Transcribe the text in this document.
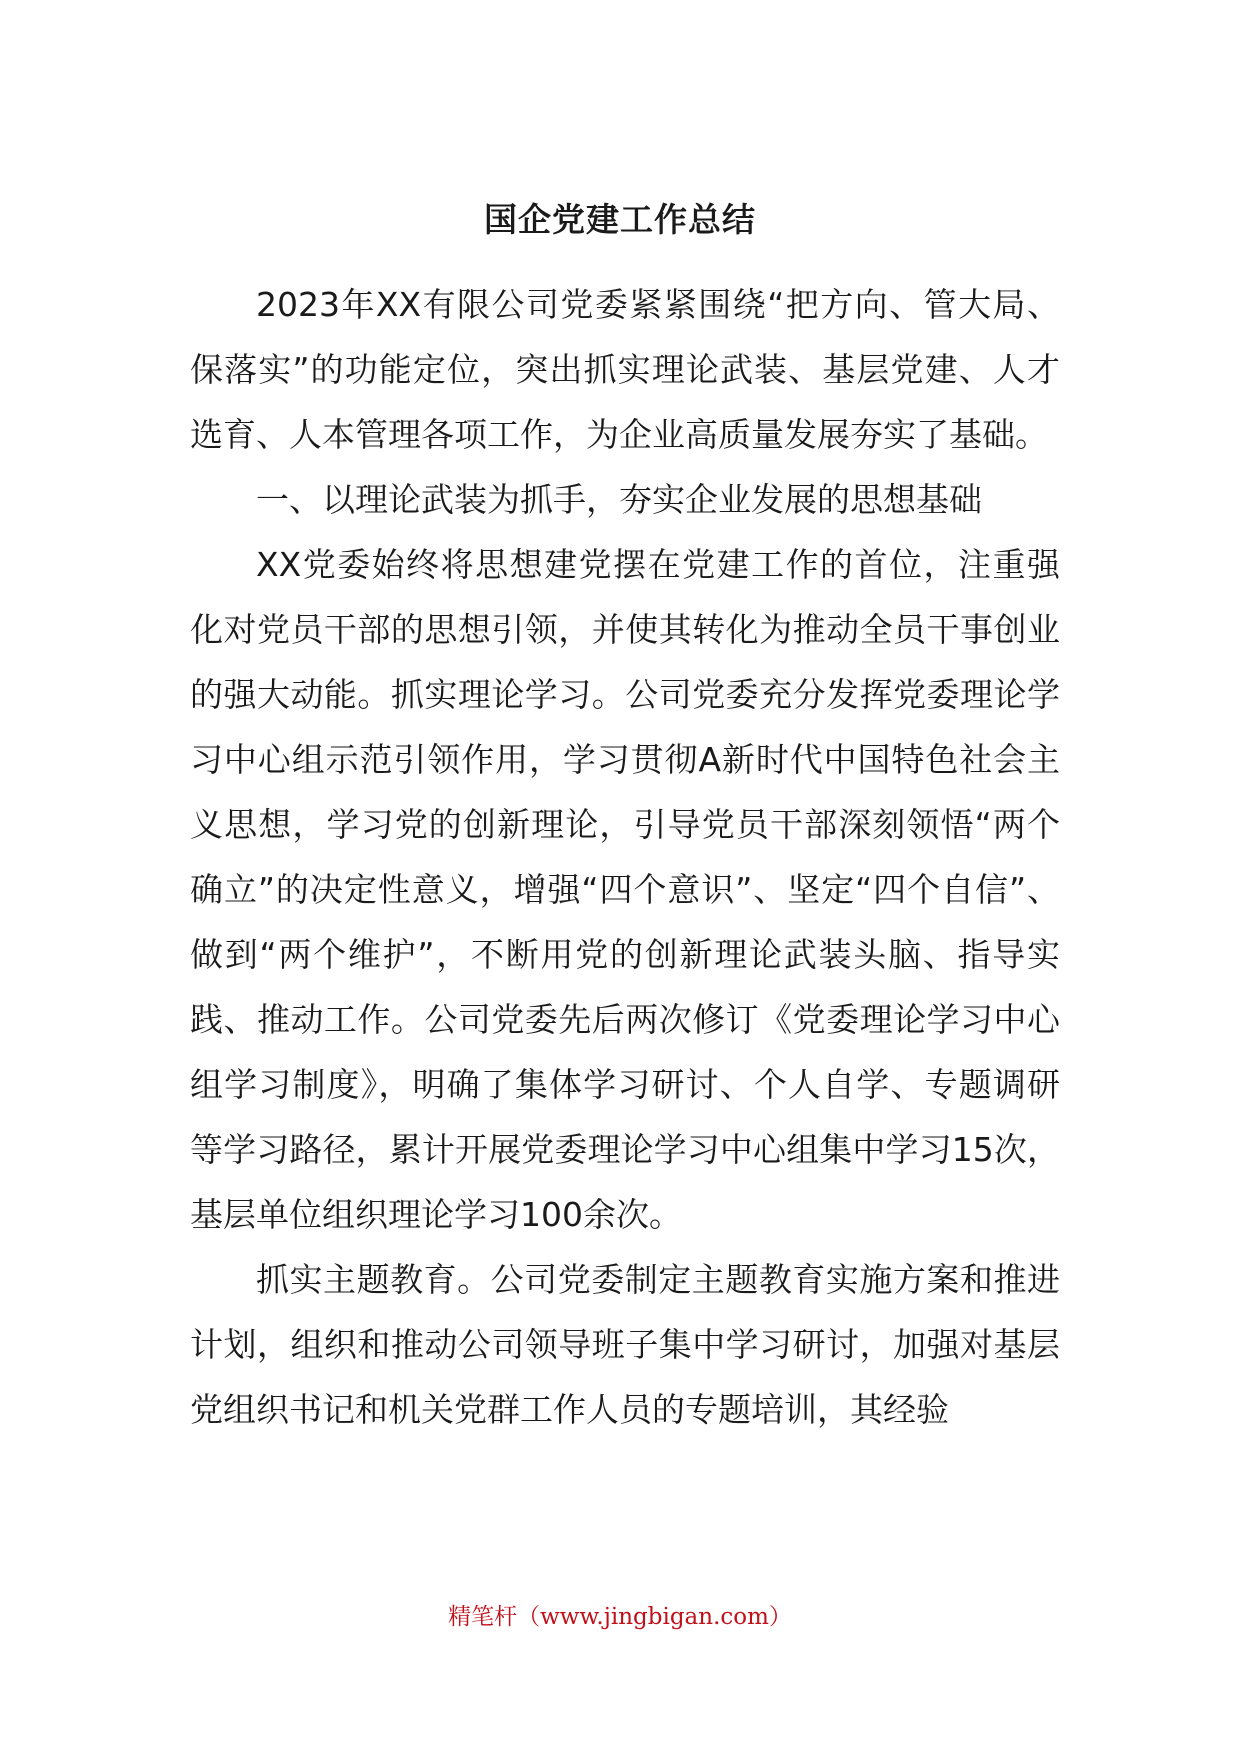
国企党建工作总结

2023年XX有限公司党委紧紧围绕“把方向、管大局、保落实”的功能定位，突出抓实理论武装、基层党建、人才选育、人本管理各项工作，为企业高质量发展夯实了基础。

一、以理论武装为抓手，夯实企业发展的思想基础

XX党委始终将思想建党摆在党建工作的首位，注重强化对党员干部的思想引领，并使其转化为推动全员干事创业的强大动能。抓实理论学习。公司党委充分发挥党委理论学习中心组示范引领作用，学习贯彻A新时代中国特色社会主义思想，学习党的创新理论，引导党员干部深刻领悟“两个确立”的决定性意义，增强“四个意识”、坚定“四个自信”、做到“两个维护”，不断用党的创新理论武装头脑、指导实践、推动工作。公司党委先后两次修订《党委理论学习中心组学习制度》，明确了集体学习研讨、个人自学、专题调研等学习路径，累计开展党委理论学习中心组集中学习15次，基层单位组织理论学习100余次。

抓实主题教育。公司党委制定主题教育实施方案和推进计划，组织和推动公司领导班子集中学习研讨，加强对基层党组织书记和机关党群工作人员的专题培训，其经验

精笔杆（www.jingbigan.com）
